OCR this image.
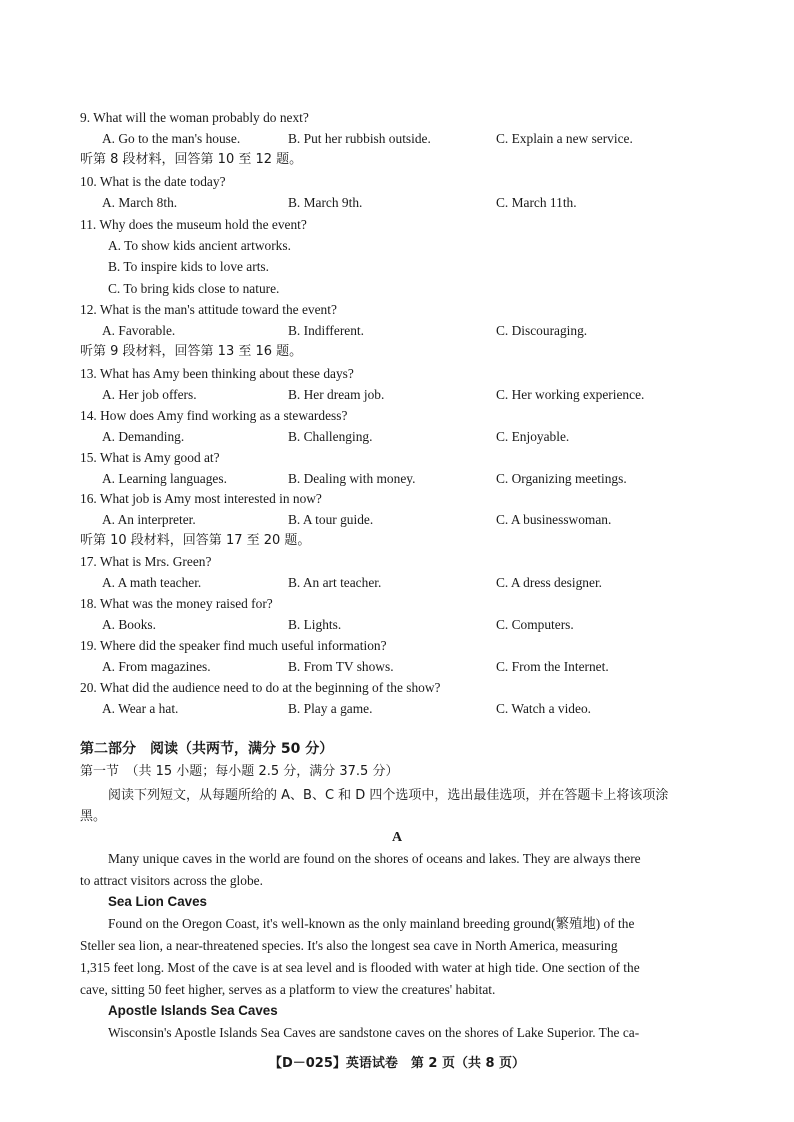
9. What will the woman probably do next?
A. Go to the man's house.	B. Put her rubbish outside.	C. Explain a new service.
听第 8 段材料，回答第 10 至 12 题。
10. What is the date today?
A. March 8th.	B. March 9th.	C. March 11th.
11. Why does the museum hold the event?
A. To show kids ancient artworks.
B. To inspire kids to love arts.
C. To bring kids close to nature.
12. What is the man's attitude toward the event?
A. Favorable.	B. Indifferent.	C. Discouraging.
听第 9 段材料，回答第 13 至 16 题。
13. What has Amy been thinking about these days?
A. Her job offers.	B. Her dream job.	C. Her working experience.
14. How does Amy find working as a stewardess?
A. Demanding.	B. Challenging.	C. Enjoyable.
15. What is Amy good at?
A. Learning languages.	B. Dealing with money.	C. Organizing meetings.
16. What job is Amy most interested in now?
A. An interpreter.	B. A tour guide.	C. A businesswoman.
听第 10 段材料，回答第 17 至 20 题。
17. What is Mrs. Green?
A. A math teacher.	B. An art teacher.	C. A dress designer.
18. What was the money raised for?
A. Books.	B. Lights.	C. Computers.
19. Where did the speaker find much useful information?
A. From magazines.	B. From TV shows.	C. From the Internet.
20. What did the audience need to do at the beginning of the show?
A. Wear a hat.	B. Play a game.	C. Watch a video.
第二部分　阅读（共两节，满分 50 分）
第一节　（共 15 小题；每小题 2.5 分，满分 37.5 分）
阅读下列短文，从每题所给的 A、B、C 和 D 四个选项中，选出最佳选项，并在答题卡上将该项涂
黑。
A
Many unique caves in the world are found on the shores of oceans and lakes. They are always there
to attract visitors across the globe.
Sea Lion Caves
Found on the Oregon Coast, it's well-known as the only mainland breeding ground(繁殖地) of the
Steller sea lion, a near-threatened species. It's also the longest sea cave in North America, measuring
1,315 feet long. Most of the cave is at sea level and is flooded with water at high tide. One section of the
cave, sitting 50 feet higher, serves as a platform to view the creatures' habitat.
Apostle Islands Sea Caves
Wisconsin's Apostle Islands Sea Caves are sandstone caves on the shores of Lake Superior. The ca-
【D－025】英语试卷　第 2 页（共 8 页）
